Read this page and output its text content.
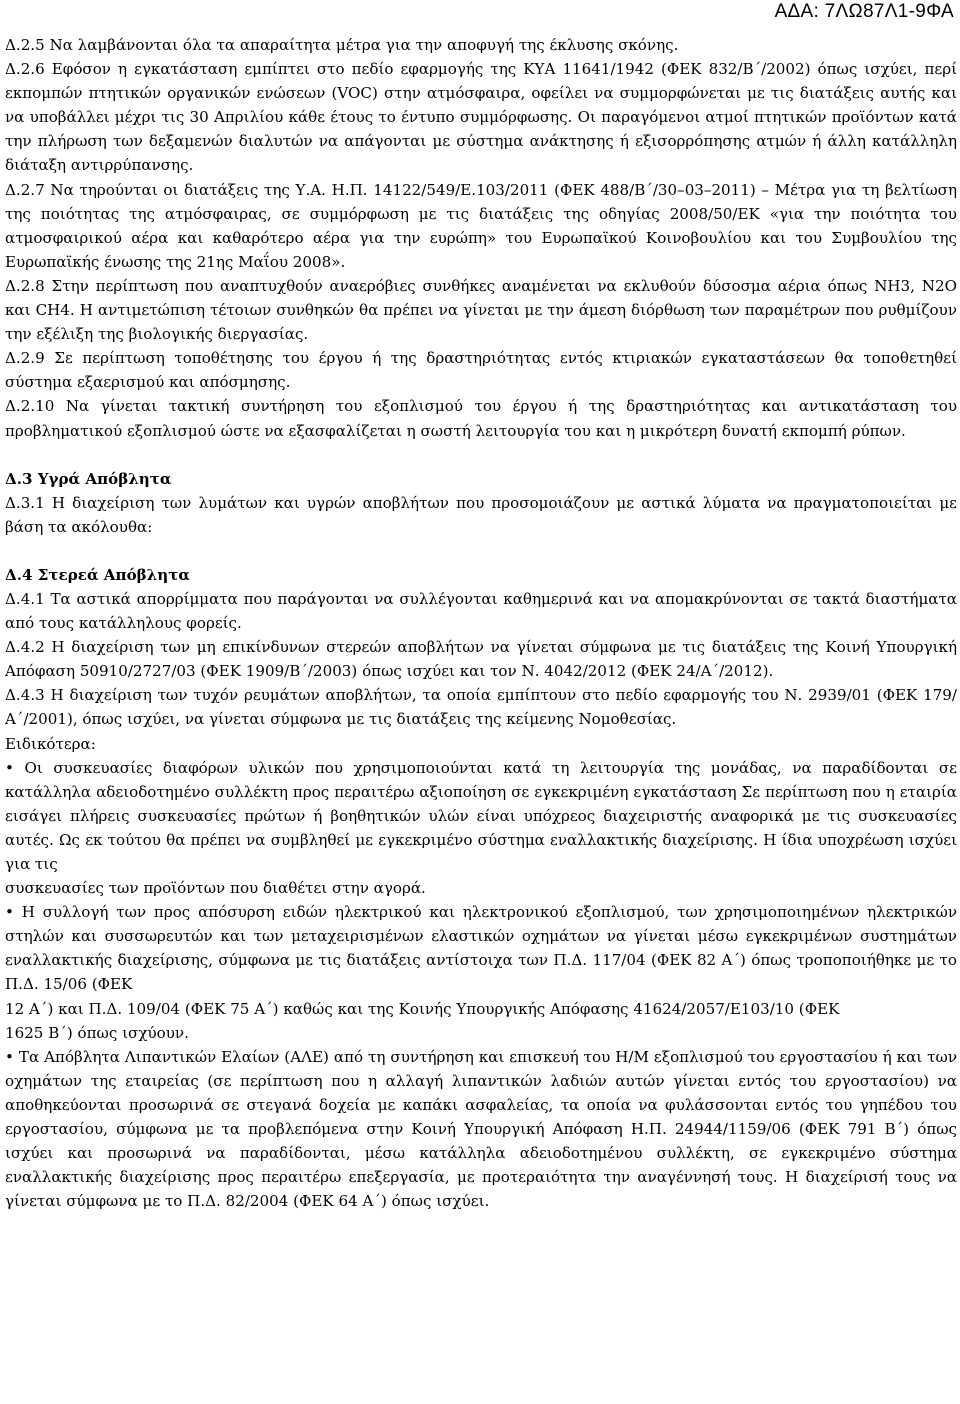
ΑΔΑ: 7ΛΩ87Λ1-9ΦΑ

Δ.2.5 Να λαμβάνονται όλα τα απαραίτητα μέτρα για την αποφυγή της έκλυσης σκόνης.

Δ.2.6 Εφόσον η εγκατάσταση εμπίπτει στο πεδίο εφαρμογής της ΚΥΑ 11641/1942 (ΦΕΚ 832/Β΄/2002) όπως ισχύει, περί εκπομπών πτητικών οργανικών ενώσεων (VOC) στην ατμόσφαιρα, οφείλει να συμμορφώνεται με τις διατάξεις αυτής και να υποβάλλει μέχρι τις 30 Απριλίου κάθε έτους το έντυπο συμμόρφωσης. Οι παραγόμενοι ατμοί πτητικών προϊόντων κατά την πλήρωση των δεξαμενών διαλυτών να απάγονται με σύστημα ανάκτησης ή εξισορρόπησης ατμών ή άλλη κατάλληλη διάταξη αντιρρύπανσης.

Δ.2.7 Να τηρούνται οι διατάξεις της Υ.Α. Η.Π. 14122/549/Ε.103/2011 (ΦΕΚ 488/Β΄/30–03–2011) – Μέτρα για τη βελτίωση της ποιότητας της ατμόσφαιρας, σε συμμόρφωση με τις διατάξεις της οδηγίας 2008/50/ΕΚ «για την ποιότητα του ατμοσφαιρικού αέρα και καθαρότερο αέρα για την ευρώπη» του Ευρωπαϊκού Κοινοβουλίου και του Συμβουλίου της Ευρωπαϊκής ένωσης της 21ης Μαΐου 2008».

Δ.2.8 Στην περίπτωση που αναπτυχθούν αναερόβιες συνθήκες αναμένεται να εκλυθούν δύσοσμα αέρια όπως NH3, N2O και CH4. Η αντιμετώπιση τέτοιων συνθηκών θα πρέπει να γίνεται με την άμεση διόρθωση των παραμέτρων που ρυθμίζουν την εξέλιξη της βιολογικής διεργασίας.

Δ.2.9 Σε περίπτωση τοποθέτησης του έργου ή της δραστηριότητας εντός κτιριακών εγκαταστάσεων θα τοποθετηθεί σύστημα εξαερισμού και απόσμησης.

Δ.2.10 Να γίνεται τακτική συντήρηση του εξοπλισμού του έργου ή της δραστηριότητας και αντικατάσταση του προβληματικού εξοπλισμού ώστε να εξασφαλίζεται η σωστή λειτουργία του και η μικρότερη δυνατή εκπομπή ρύπων.

Δ.3 Υγρά Απόβλητα

Δ.3.1 Η διαχείριση των λυμάτων και υγρών αποβλήτων που προσομοιάζουν με αστικά λύματα να πραγματοποιείται με βάση τα ακόλουθα:

Δ.4 Στερεά Απόβλητα

Δ.4.1 Τα αστικά απορρίμματα που παράγονται να συλλέγονται καθημερινά και να απομακρύνονται σε τακτά διαστήματα από τους κατάλληλους φορείς.

Δ.4.2 Η διαχείριση των μη επικίνδυνων στερεών αποβλήτων να γίνεται σύμφωνα με τις διατάξεις της Κοινή Υπουργική Απόφαση 50910/2727/03 (ΦΕΚ 1909/Β΄/2003) όπως ισχύει και τον Ν. 4042/2012 (ΦΕΚ 24/Α΄/2012).

Δ.4.3 Η διαχείριση των τυχόν ρευμάτων αποβλήτων, τα οποία εμπίπτουν στο πεδίο εφαρμογής του Ν. 2939/01 (ΦΕΚ 179/Α΄/2001), όπως ισχύει, να γίνεται σύμφωνα με τις διατάξεις της κείμενης Νομοθεσίας.

Ειδικότερα:

• Οι συσκευασίες διαφόρων υλικών που χρησιμοποιούνται κατά τη λειτουργία της μονάδας, να παραδίδονται σε κατάλληλα αδειοδοτημένο συλλέκτη προς περαιτέρω αξιοποίηση σε εγκεκριμένη εγκατάσταση Σε περίπτωση που η εταιρία εισάγει πλήρεις συσκευασίες πρώτων ή βοηθητικών υλών είναι υπόχρεος διαχειριστής αναφορικά με τις συσκευασίες αυτές. Ως εκ τούτου θα πρέπει να συμβληθεί με εγκεκριμένο σύστημα εναλλακτικής διαχείρισης. Η ίδια υποχρέωση ισχύει για τις

συσκευασίες των προϊόντων που διαθέτει στην αγορά.

• Η συλλογή των προς απόσυρση ειδών ηλεκτρικού και ηλεκτρονικού εξοπλισμού, των χρησιμοποιημένων ηλεκτρικών στηλών και συσσωρευτών και των μεταχειρισμένων ελαστικών οχημάτων να γίνεται μέσω εγκεκριμένων συστημάτων εναλλακτικής διαχείρισης, σύμφωνα με τις διατάξεις αντίστοιχα των Π.Δ. 117/04 (ΦΕΚ 82 Α΄) όπως τροποποιήθηκε με το Π.Δ. 15/06 (ΦΕΚ

12 Α΄) και Π.Δ. 109/04 (ΦΕΚ 75 Α΄) καθώς και της Κοινής Υπουργικής Απόφασης 41624/2057/Ε103/10 (ΦΕΚ

1625 Β΄) όπως ισχύουν.

• Τα Απόβλητα Λιπαντικών Ελαίων (ΑΛΕ) από τη συντήρηση και επισκευή του Η/Μ εξοπλισμού του εργοστασίου ή και των οχημάτων της εταιρείας (σε περίπτωση που η αλλαγή λιπαντικών λαδιών αυτών γίνεται εντός του εργοστασίου) να αποθηκεύονται προσωρινά σε στεγανά δοχεία με καπάκι ασφαλείας, τα οποία να φυλάσσονται εντός του γηπέδου του εργοστασίου, σύμφωνα με τα προβλεπόμενα στην Κοινή Υπουργική Απόφαση Η.Π. 24944/1159/06 (ΦΕΚ 791 Β΄) όπως ισχύει και προσωρινά να παραδίδονται, μέσω κατάλληλα αδειοδοτημένου συλλέκτη, σε εγκεκριμένο σύστημα εναλλακτικής διαχείρισης προς περαιτέρω επεξεργασία, με προτεραιότητα την αναγέννησή τους. Η διαχείρισή τους να γίνεται σύμφωνα με το Π.Δ. 82/2004 (ΦΕΚ 64 Α΄) όπως ισχύει.
